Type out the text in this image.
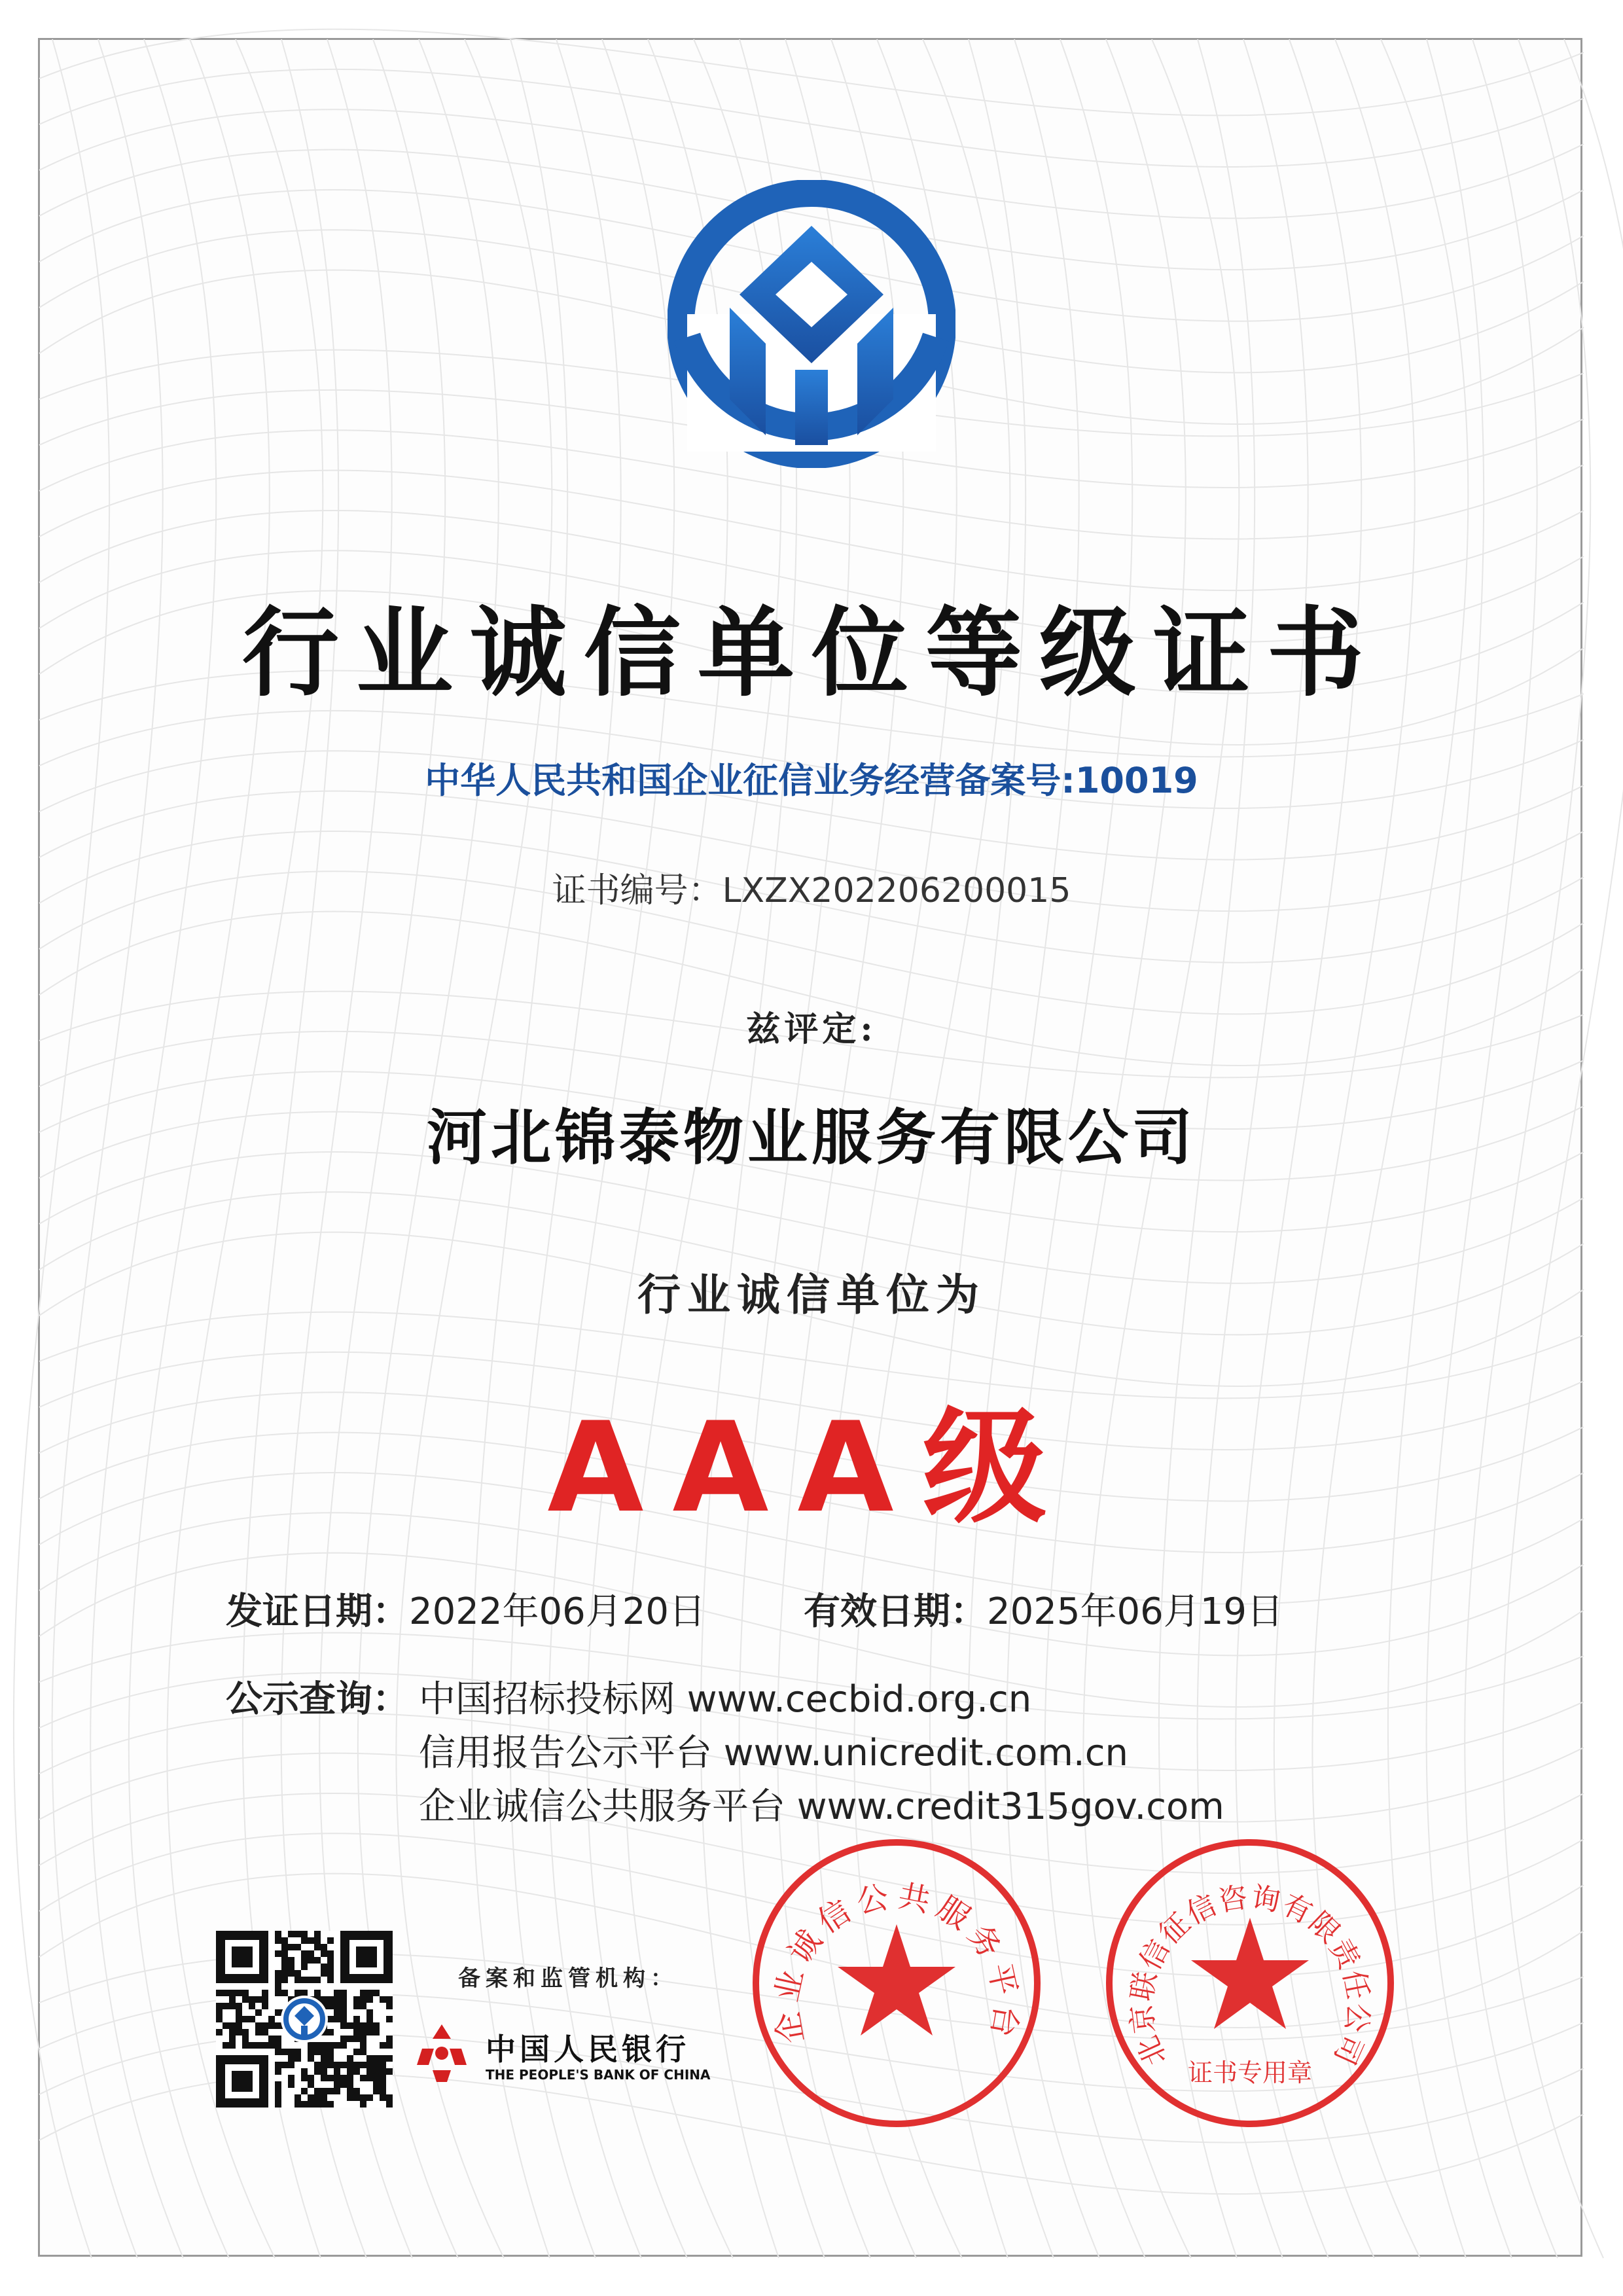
行业诚信单位等级证书
中华人民共和国企业征信业务经营备案号:10019
证书编号：LXZX202206200015
兹评定:
河北锦泰物业服务有限公司
行业诚信单位为
AAA级
发证日期：2022年06月20日	有效日期：2025年06月19日
公示查询： 中国招标投标网 www.cecbid.org.cn
信用报告公示平台 www.unicredit.com.cn
企业诚信公共服务平台 www.credit315gov.com
备案和监管机构：
中国人民银行
THE PEOPLE'S BANK OF CHINA
企业诚信公共服务平台
北京联信征信咨询有限责任公司
证书专用章
